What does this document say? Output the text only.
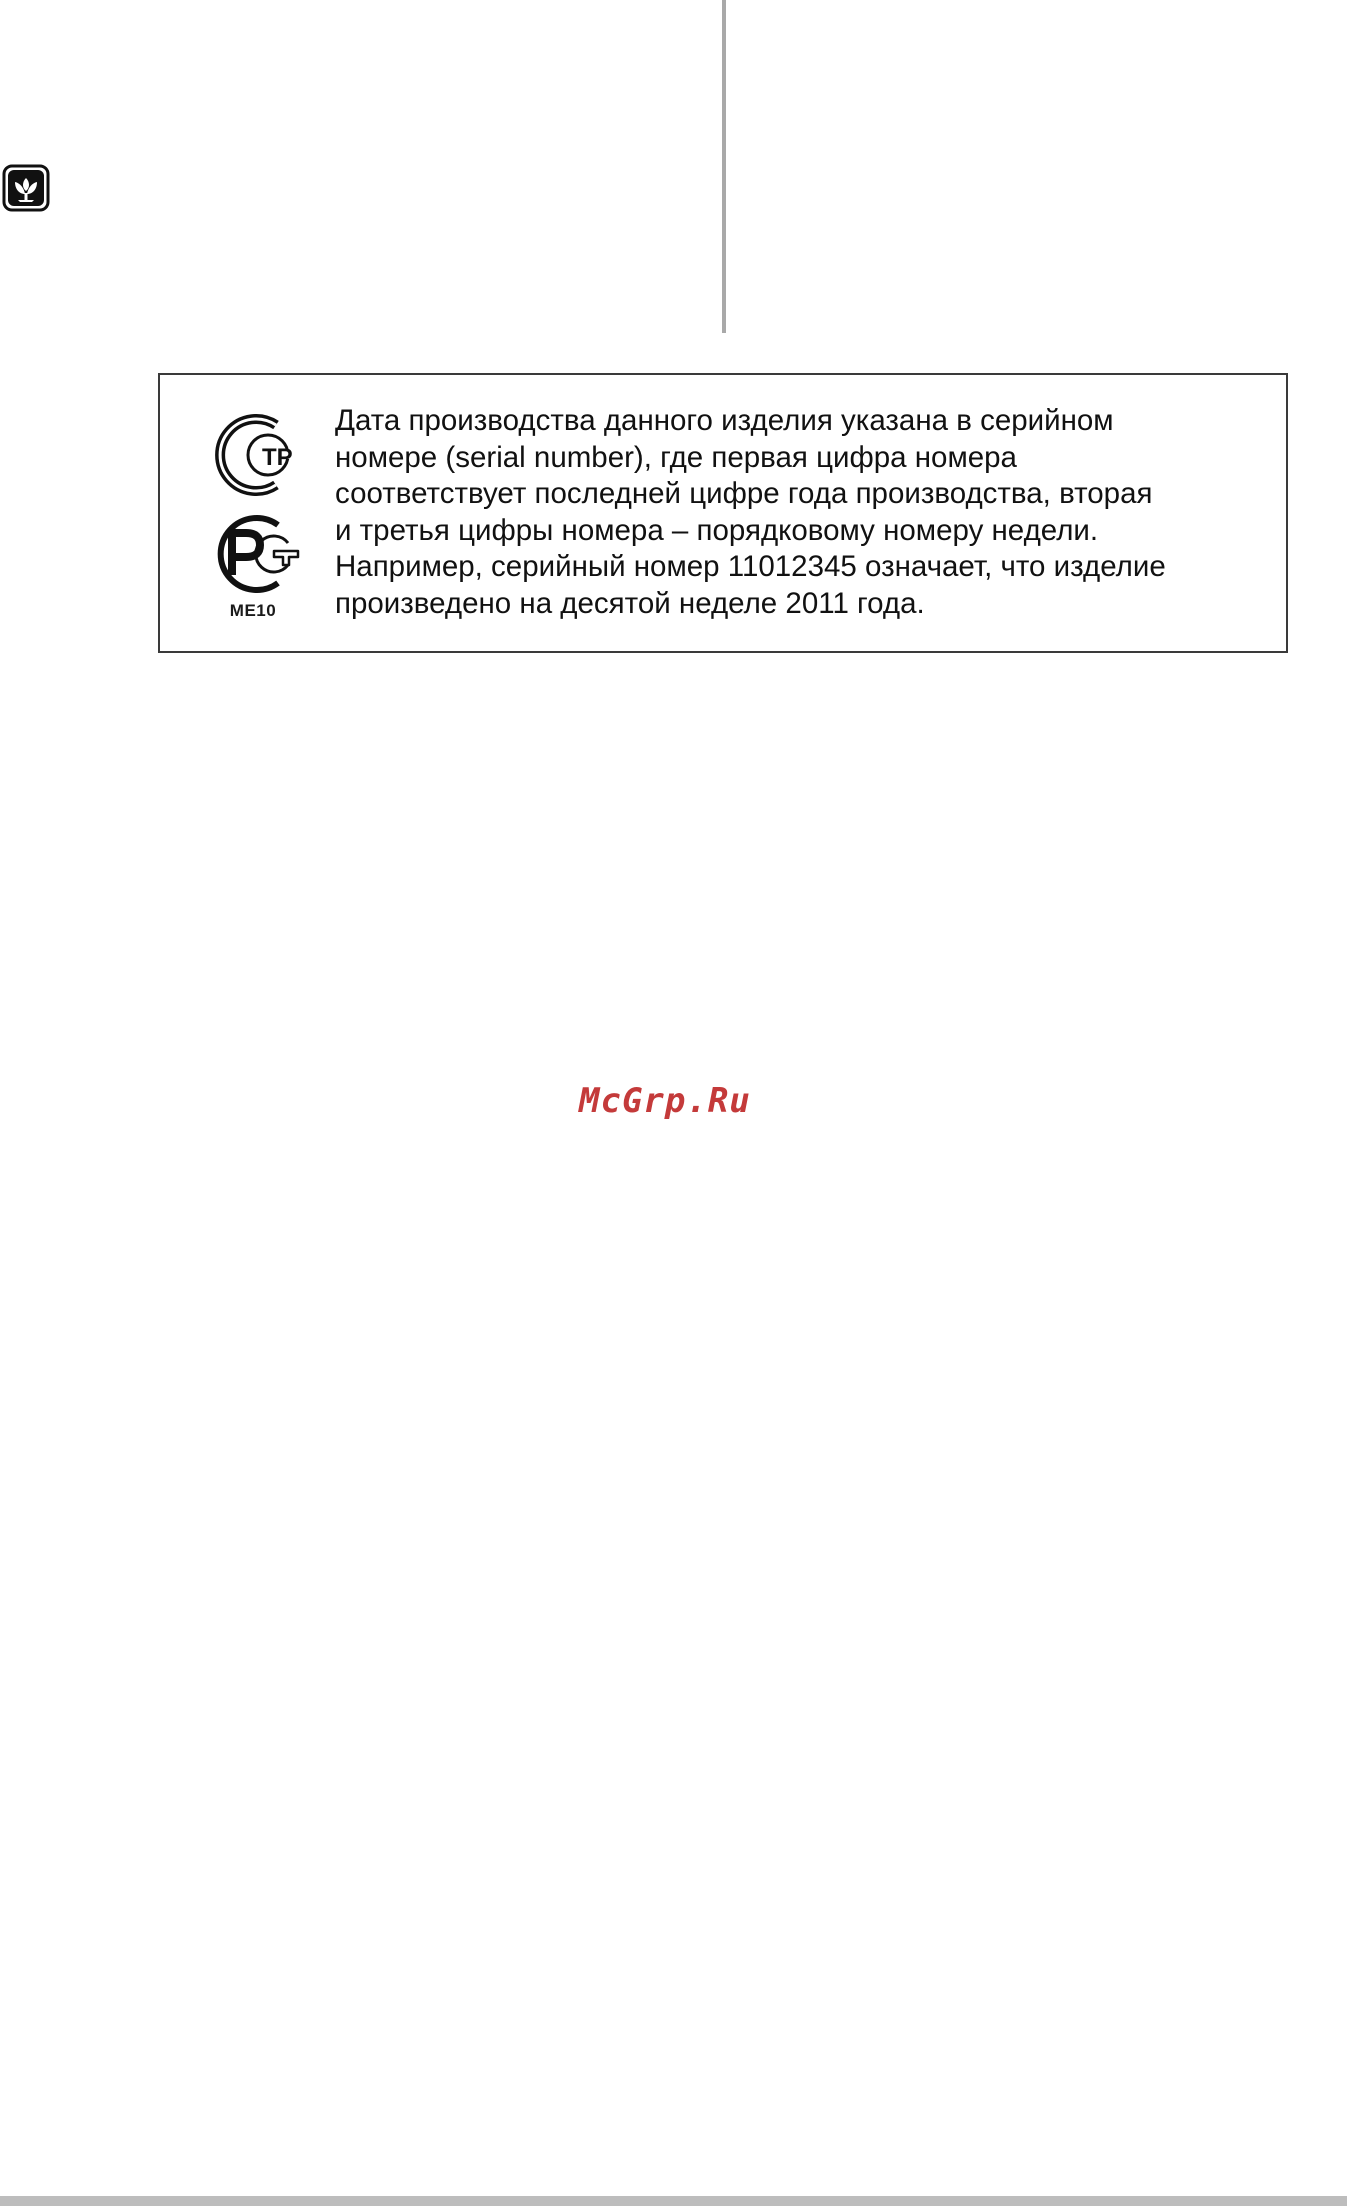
ТР
ME10

Дата производства данного изделия указана в серийном
номере (serial number), где первая цифра номера
соответствует последней цифре года производства, вторая
и третья цифры номера – порядковому номеру недели.
Например, серийный номер 11012345 означает, что изделие
произведено на десятой неделе 2011 года.

McGrp.Ru
